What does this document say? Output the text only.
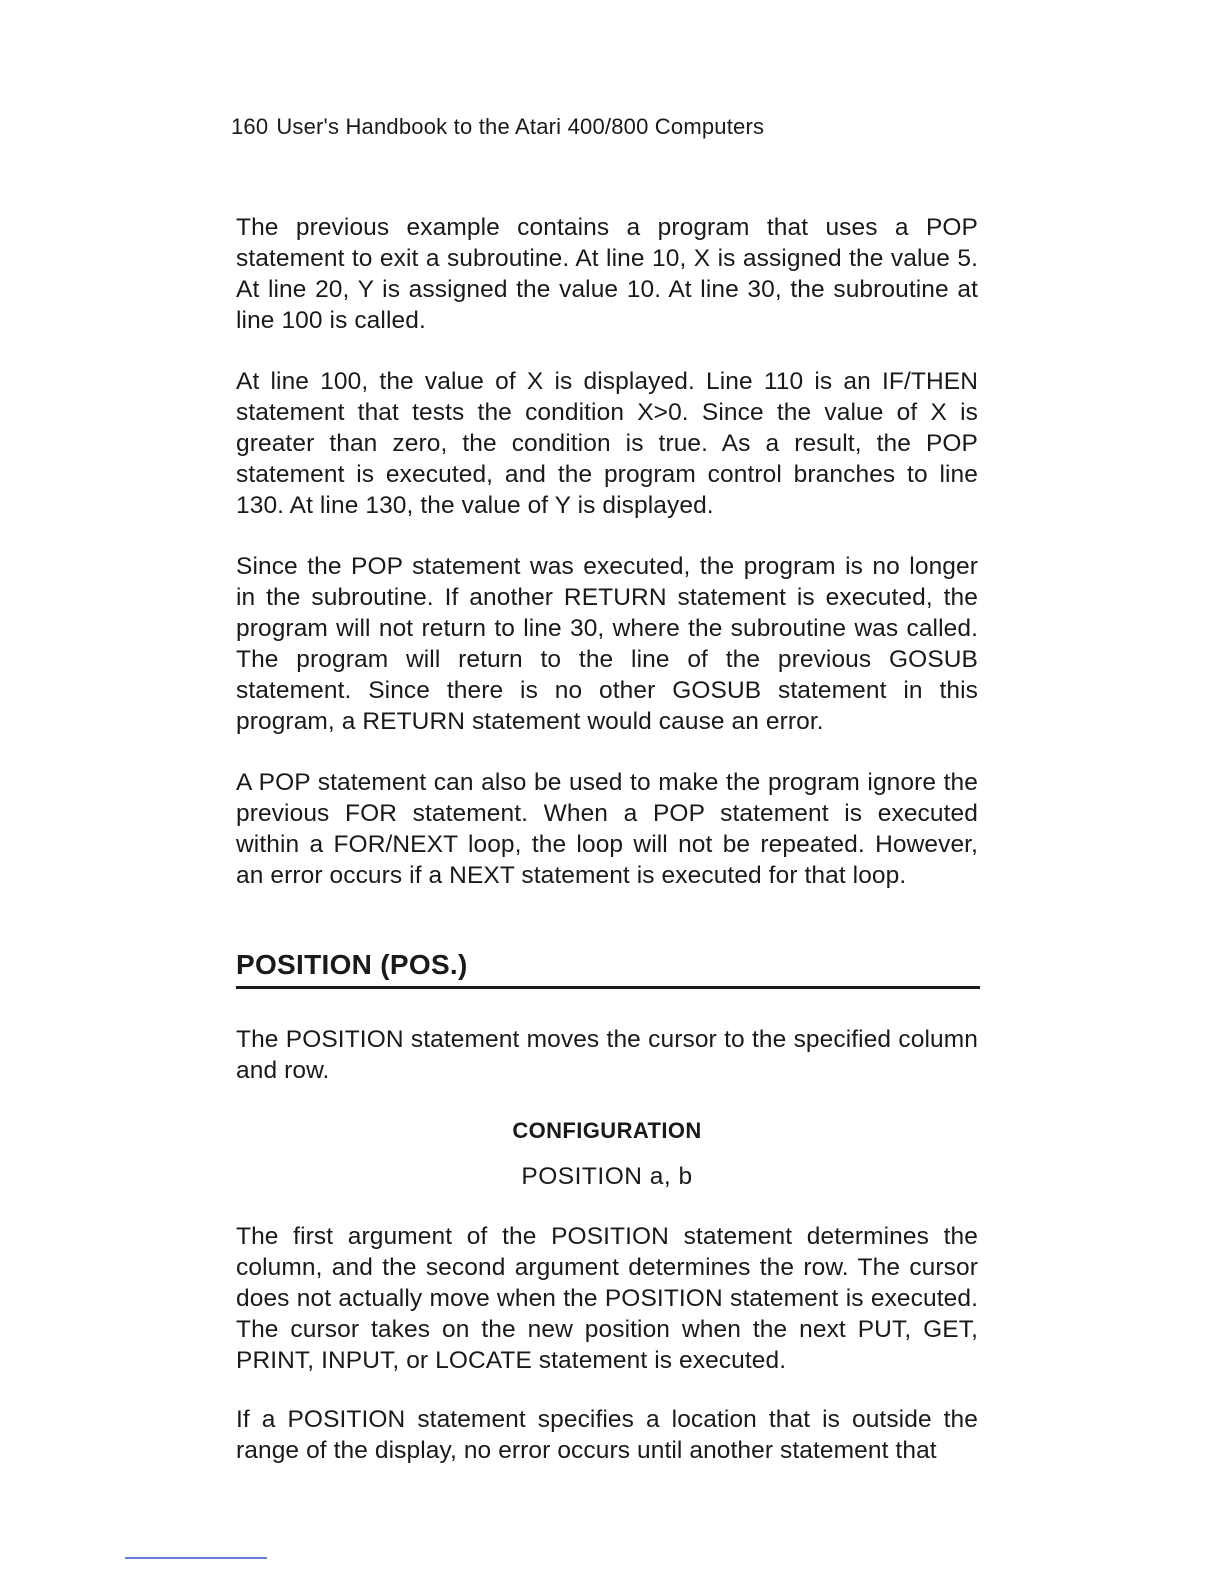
160 User's Handbook to the Atari 400/800 Computers

The previous example contains a program that uses a POP statement to exit a subroutine. At line 10, X is assigned the value 5. At line 20, Y is assigned the value 10. At line 30, the subroutine at line 100 is called.

At line 100, the value of X is displayed. Line 110 is an IF/THEN statement that tests the condition X>0. Since the value of X is greater than zero, the condition is true. As a result, the POP statement is executed, and the program control branches to line 130. At line 130, the value of Y is displayed.

Since the POP statement was executed, the program is no longer in the subroutine. If another RETURN statement is executed, the program will not return to line 30, where the subroutine was called. The program will return to the line of the previous GOSUB statement. Since there is no other GOSUB statement in this program, a RETURN statement would cause an error.

A POP statement can also be used to make the program ignore the previous FOR statement. When a POP statement is executed within a FOR/NEXT loop, the loop will not be repeated. However, an error occurs if a NEXT statement is executed for that loop.

POSITION (POS.)

The POSITION statement moves the cursor to the specified column and row.

CONFIGURATION
POSITION a, b

The first argument of the POSITION statement determines the column, and the second argument determines the row. The cursor does not actually move when the POSITION statement is executed. The cursor takes on the new position when the next PUT, GET, PRINT, INPUT, or LOCATE statement is executed.

If a POSITION statement specifies a location that is outside the range of the display, no error occurs until another statement that
